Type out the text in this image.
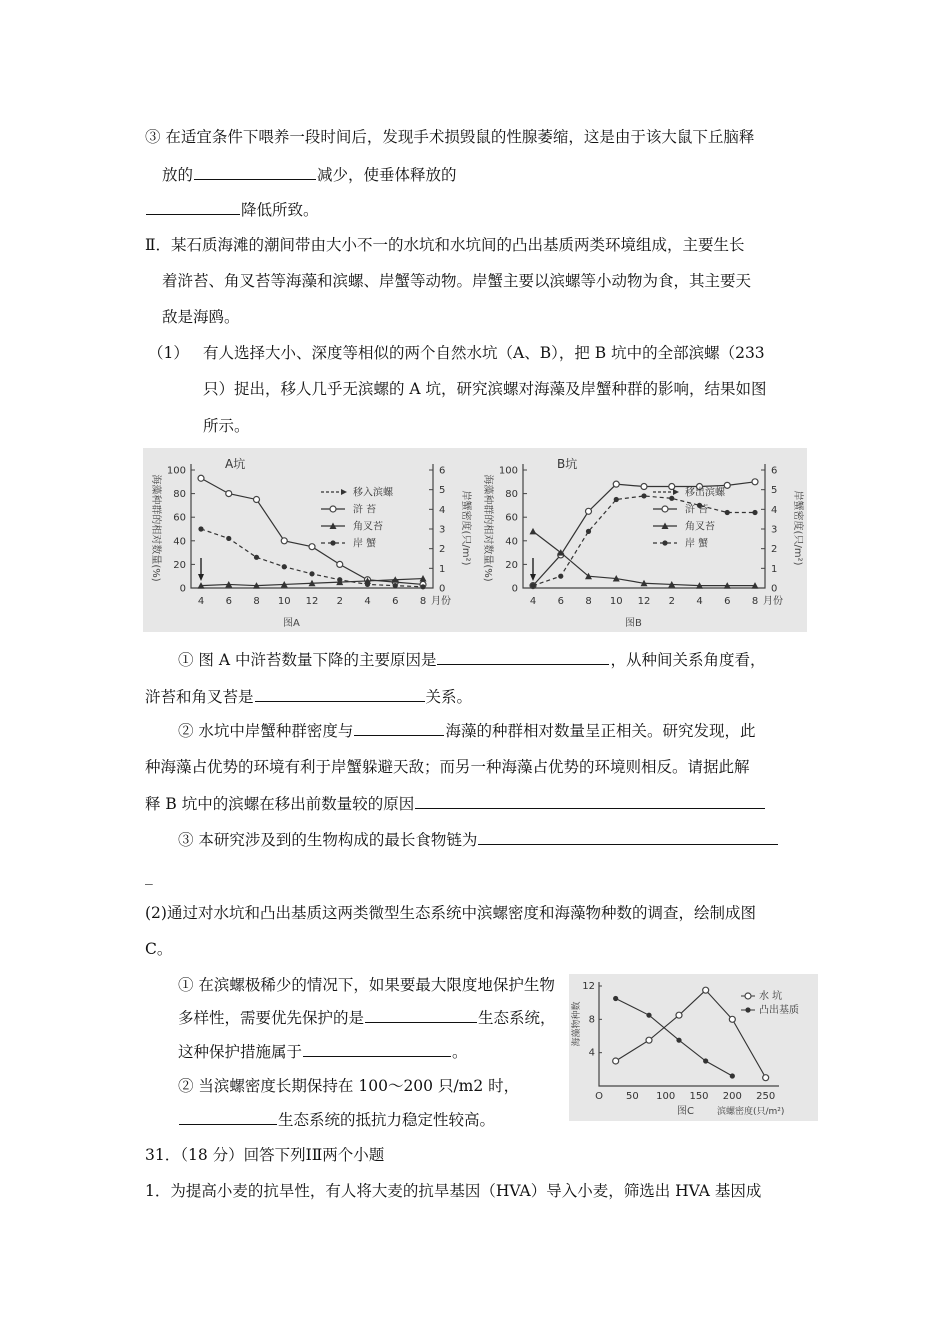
③ 在适宜条件下喂养一段时间后，发现手术损毁鼠的性腺萎缩，这是由于该大鼠下丘脑释
放的	减少，使垂体释放的
降低所致。
Ⅱ．某石质海滩的潮间带由大小不一的水坑和水坑间的凸出基质两类环境组成，主要生长
着浒苔、角叉苔等海藻和滨螺、岸蟹等动物。岸蟹主要以滨螺等小动物为食，其主要天
敌是海鸥。
（1） 有人选择大小、深度等相似的两个自然水坑（A、B），把 B 坑中的全部滨螺（233
只）捉出，移人几乎无滨螺的 A 坑，研究滨螺对海藻及岸蟹种群的影响，结果如图
所示。
A坑
海藻种群的相对数量(%)	岸蟹密度(只/m²)
图A
0
20
40
60
80
100
0
1
2
3
4
5
6
4 6 8 10 12 2 4 6 8 月份
移入滨螺
浒 苔
角叉苔
岸 蟹
B坑
海藻种群的相对数量(%)	岸蟹密度(只/m²)
图B
0
20
40
60
80
100
0
1
2
3
4
5
6
4 6 8 10 12 2 4 6 8 月份
移出滨螺
浒 苔
角叉苔
岸 蟹
① 图 A 中浒苔数量下降的主要原因是	，从种间关系角度看，
浒苔和角叉苔是	关系。
② 水坑中岸蟹种群密度与	海藻的种群相对数量呈正相关。研究发现，此
种海藻占优势的环境有利于岸蟹躲避天敌；而另一种海藻占优势的环境则相反。请据此解
释 B 坑中的滨螺在移出前数量较的原因
③ 本研究涉及到的生物构成的最长食物链为
_
(2)通过对水坑和凸出基质这两类微型生态系统中滨螺密度和海藻物种数的调查，绘制成图
C。
① 在滨螺极稀少的情况下，如果要最大限度地保护生物
多样性，需要优先保护的是	生态系统，
这种保护措施属于	。
② 当滨螺密度长期保持在 100～200 只/m2 时，
生态系统的抵抗力稳定性较高。
海藻物种数
滨螺密度(只/m²)
图C
4
8
12
O 50 100 150 200 250
水 坑
凸出基质
31．（18 分）回答下列ⅠⅡ两个小题
1．为提高小麦的抗旱性，有人将大麦的抗旱基因（HVA）导入小麦，筛选出 HVA 基因成
